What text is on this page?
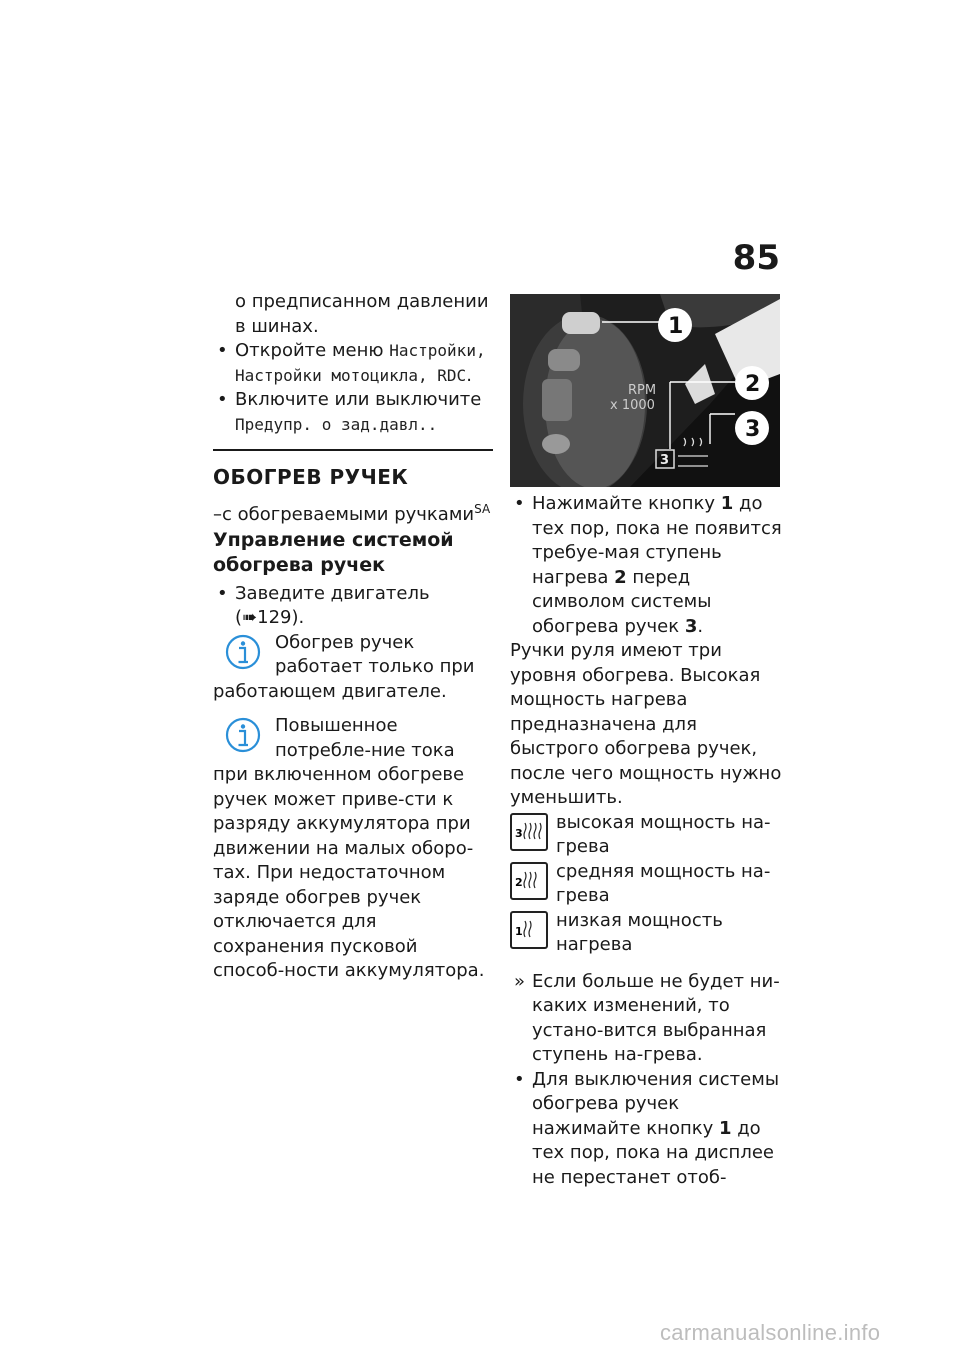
85
о предписанном давлении в шинах.
• Откройте меню Настройки, Настройки мотоцикла, RDC.
• Включите или выключите
Предупр. о зад.давл..
ОБОГРЕВ РУЧЕК
–с обогреваемыми ручками$^{SA}$
Управление системой обогрева ручек
• Заведите двигатель (➠129).
Обогрев ручек работает только при работающем двигателе.
Повышенное потребле-ние тока при включенном обогреве ручек может приве-сти к разряду аккумулятора при движении на малых оборо-тах. При недостаточном заряде обогрев ручек отключается для сохранения пусковой способ-ности аккумулятора.
RPM
x 1000
3
1
2
3
• Нажимайте кнопку 1 до тех пор, пока не появится требуе-мая ступень нагрева 2 перед символом системы обогрева ручек 3.
Ручки руля имеют три уровня обогрева. Высокая мощность нагрева предназначена для быстрого обогрева ручек, после чего мощность нужно уменьшить.
3
высокая мощность на-грева
2
средняя мощность на-грева
1
низкая мощность нагрева
» Если больше не будет ни-каких изменений, то устано-вится выбранная ступень на-грева.
• Для выключения системы обогрева ручек нажимайте кнопку 1 до тех пор, пока на дисплее не перестанет отоб-
carmanualsonline.info
